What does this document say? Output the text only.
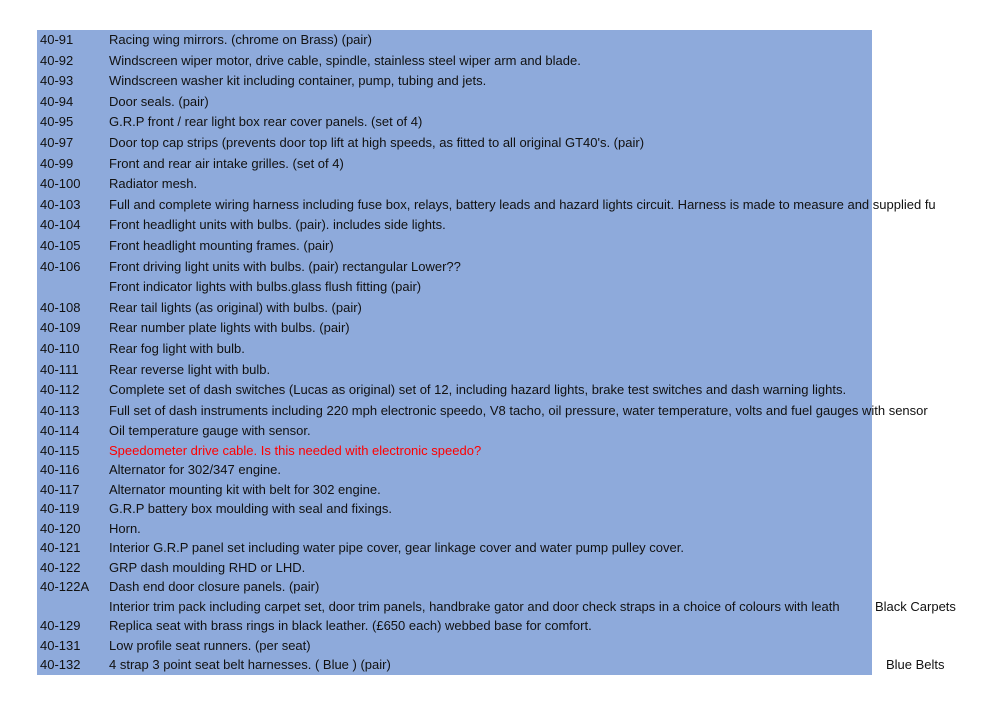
40-91	Racing wing mirrors. (chrome on Brass) (pair)
40-92	Windscreen wiper motor, drive cable, spindle, stainless steel wiper arm and blade.
40-93	Windscreen washer kit including container, pump, tubing and jets.
40-94	Door seals. (pair)
40-95	G.R.P front / rear light box rear cover panels. (set of 4)
40-97	Door top cap strips (prevents door top lift at high speeds, as fitted to all original GT40's. (pair)
40-99	Front and rear air intake grilles. (set of 4)
40-100 Radiator mesh.
40-103 Full and complete wiring harness including fuse box, relays, battery leads and hazard lights circuit. Harness is made to measure and supplied fu
40-104 Front headlight units with bulbs. (pair). includes side lights.
40-105 Front headlight mounting frames. (pair)
40-106 Front driving light units with bulbs. (pair) rectangular Lower??
Front indicator lights with bulbs.glass flush fitting (pair)
40-108 Rear tail lights (as original) with bulbs. (pair)
40-109 Rear number plate lights with bulbs. (pair)
40-110 Rear fog light with bulb.
40-111 Rear reverse light with bulb.
40-112 Complete set of dash switches (Lucas as original) set of 12, including hazard lights, brake test switches and dash warning lights.
40-113 Full set of dash instruments including 220 mph electronic speedo, V8 tacho, oil pressure, water temperature, volts and fuel gauges with sensor
40-114 Oil temperature gauge with sensor.
40-115 Speedometer drive cable. Is this needed with electronic speedo?
40-116 Alternator for 302/347 engine.
40-117 Alternator mounting kit with belt for 302 engine.
40-119 G.R.P battery box moulding with seal and fixings.
40-120 Horn.
40-121 Interior G.R.P panel set including water pipe cover, gear linkage cover and water pump pulley cover.
40-122 GRP dash moulding RHD or LHD.
40-122A Dash end door closure panels. (pair)
Interior trim pack including carpet set, door trim panels, handbrake gator and door check straps in a choice of colours with leath	Black Carpets
40-129 Replica seat with brass rings in black leather. (£650 each) webbed base for comfort.
40-131 Low profile seat runners. (per seat)
40-132 4 strap 3 point seat belt harnesses. ( Blue ) (pair)	Blue Belts
